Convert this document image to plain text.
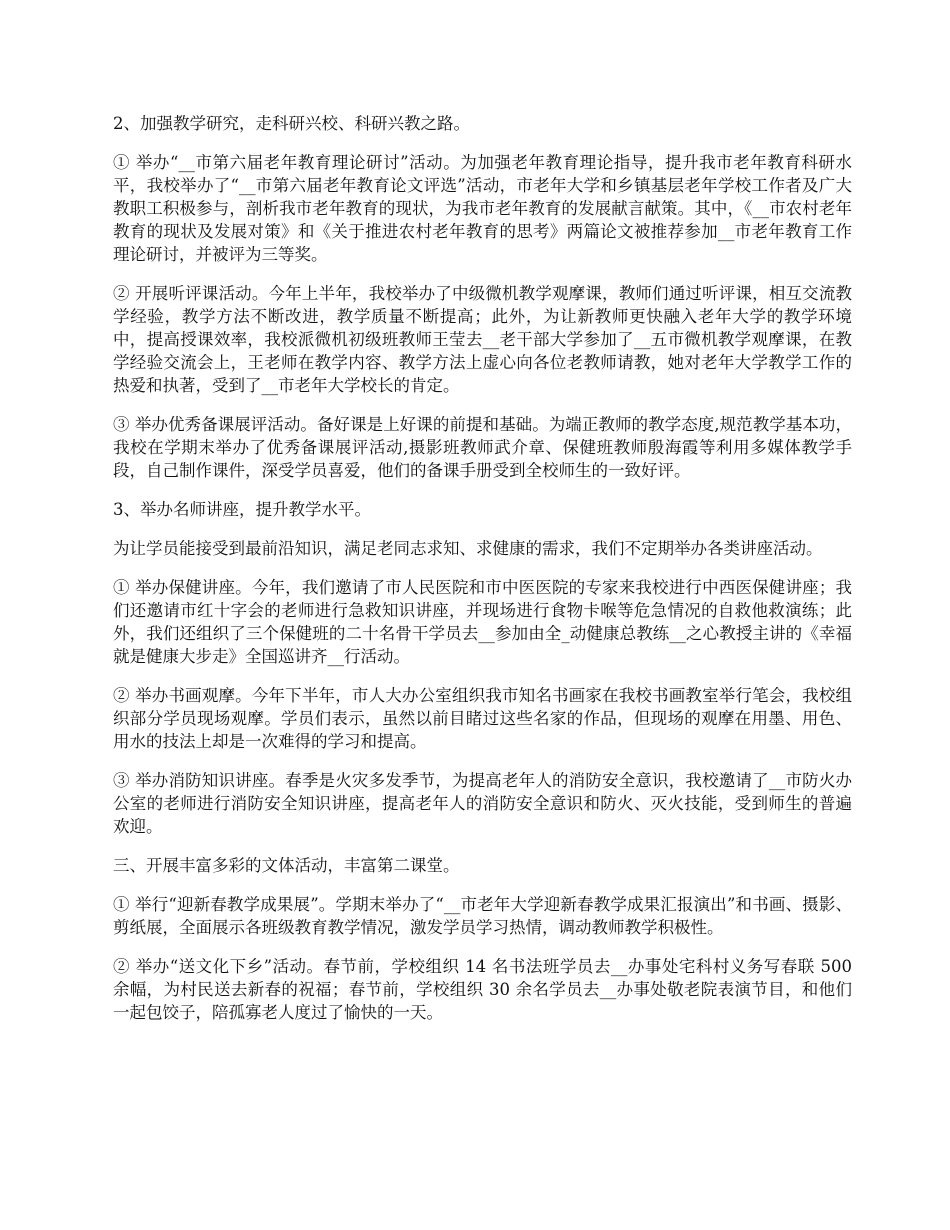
2、加强教学研究，走科研兴校、科研兴教之路。

① 举办“__市第六届老年教育理论研讨”活动。为加强老年教育理论指导，提升我市老年教育科研水平，我校举办了“__市第六届老年教育论文评选”活动，市老年大学和乡镇基层老年学校工作者及广大教职工积极参与，剖析我市老年教育的现状，为我市老年教育的发展献言献策。其中，《__市农村老年教育的现状及发展对策》和《关于推进农村老年教育的思考》两篇论文被推荐参加__市老年教育工作理论研讨，并被评为三等奖。

② 开展听评课活动。今年上半年，我校举办了中级微机教学观摩课，教师们通过听评课，相互交流教学经验，教学方法不断改进，教学质量不断提高；此外，为让新教师更快融入老年大学的教学环境中，提高授课效率，我校派微机初级班教师王莹去__老干部大学参加了__五市微机教学观摩课，在教学经验交流会上，王老师在教学内容、教学方法上虚心向各位老教师请教，她对老年大学教学工作的热爱和执著，受到了__市老年大学校长的肯定。

③ 举办优秀备课展评活动。备好课是上好课的前提和基础。为端正教师的教学态度,规范教学基本功，我校在学期末举办了优秀备课展评活动,摄影班教师武介章、保健班教师殷海霞等利用多媒体教学手段，自己制作课件，深受学员喜爱，他们的备课手册受到全校师生的一致好评。

3、举办名师讲座，提升教学水平。

为让学员能接受到最前沿知识，满足老同志求知、求健康的需求，我们不定期举办各类讲座活动。

① 举办保健讲座。今年，我们邀请了市人民医院和市中医医院的专家来我校进行中西医保健讲座；我们还邀请市红十字会的老师进行急救知识讲座，并现场进行食物卡喉等危急情况的自救他救演练；此外，我们还组织了三个保健班的二十名骨干学员去__参加由全_动健康总教练__之心教授主讲的《幸福就是健康大步走》全国巡讲齐__行活动。

② 举办书画观摩。今年下半年，市人大办公室组织我市知名书画家在我校书画教室举行笔会，我校组织部分学员现场观摩。学员们表示，虽然以前目睹过这些名家的作品，但现场的观摩在用墨、用色、用水的技法上却是一次难得的学习和提高。

③ 举办消防知识讲座。春季是火灾多发季节，为提高老年人的消防安全意识，我校邀请了__市防火办公室的老师进行消防安全知识讲座，提高老年人的消防安全意识和防火、灭火技能，受到师生的普遍欢迎。

三、开展丰富多彩的文体活动，丰富第二课堂。

① 举行“迎新春教学成果展”。学期末举办了“__市老年大学迎新春教学成果汇报演出”和书画、摄影、剪纸展，全面展示各班级教育教学情况，激发学员学习热情，调动教师教学积极性。

② 举办“送文化下乡”活动。春节前，学校组织 14 名书法班学员去__办事处宅科村义务写春联 500 余幅，为村民送去新春的祝福；春节前，学校组织 30 余名学员去__办事处敬老院表演节目，和他们一起包饺子，陪孤寡老人度过了愉快的一天。
